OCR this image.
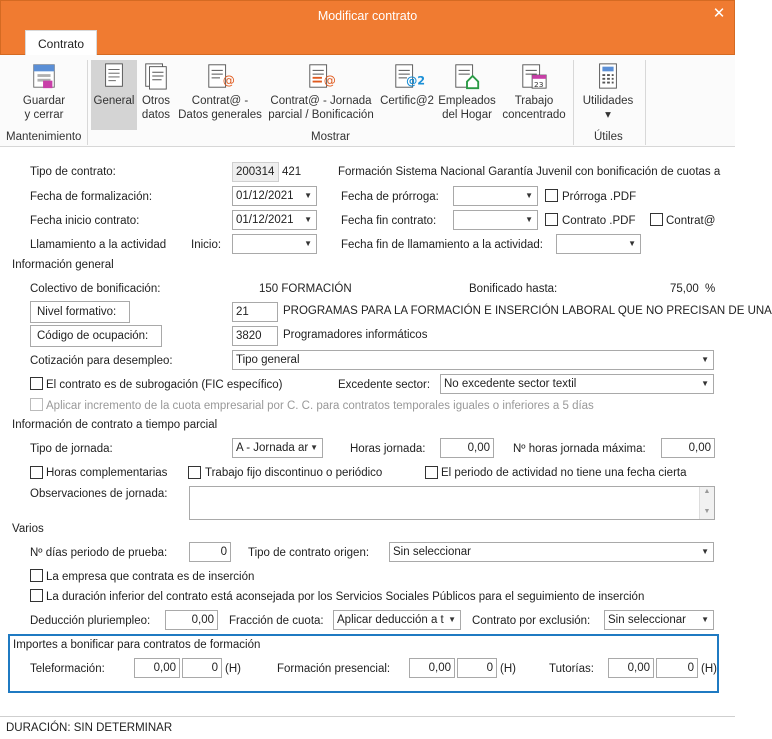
Modificar contrato	✕
Contrato
Guardar
y cerrar
Mantenimiento
General Otros
datos
@
Contrat@ -
Datos generales
@
Contrat@ - Jornada
parcial / Bonificación
@2
Certific@2 Empleados
del Hogar
23
Trabajo
concentrado
Mostrar
Utilidades
▾
Útiles
Tipo de contrato:	200314 421	Formación Sistema Nacional Garantía Juvenil con bonificación de cuotas a
Fecha de formalización:	01/12/2021 ▼	Fecha de prórroga:	▼	Prórroga .PDF
Fecha inicio contrato:	01/12/2021 ▼	Fecha fin contrato:	▼	Contrato .PDF	Contrat@
Llamamiento a la actividad Inicio:	▼	Fecha fin de llamamiento a la actividad:	▼
Información general
Colectivo de bonificación:	150 FORMACIÓN	Bonificado hasta:	75,00 %
Nivel formativo:	21	PROGRAMAS PARA LA FORMACIÓN E INSERCIÓN LABORAL QUE NO PRECISAN DE UNA
Código de ocupación:	3820	Programadores informáticos
Cotización para desempleo:	Tipo general	▼
El contrato es de subrogación (FIC específico)	Excedente sector:	No excedente sector textil	▼
Aplicar incremento de la cuota empresarial por C. C. para contratos temporales iguales o inferiores a 5 días
Información de contrato a tiempo parcial
Tipo de jornada:	A - Jornada ar ▼	Horas jornada:	0,00	Nº horas jornada máxima:	0,00
Horas complementarias	Trabajo fijo discontinuo o periódico	El periodo de actividad no tiene una fecha cierta
Observaciones de jornada:	▲
▼
Varios
Nº días periodo de prueba:	0	Tipo de contrato origen:	Sin seleccionar	▼
La empresa que contrata es de inserción
La duración inferior del contrato está aconsejada por los Servicios Sociales Públicos para el seguimiento de inserción
Deducción pluriempleo:	0,00	Fracción de cuota:	Aplicar deducción a t ▼ Contrato por exclusión:	Sin seleccionar ▼
Importes a bonificar para contratos de formación
Teleformación:	0,00	0 (H)	Formación presencial:	0,00	0 (H)	Tutorías:	0,00	0 (H)
DURACIÓN: SIN DETERMINAR
